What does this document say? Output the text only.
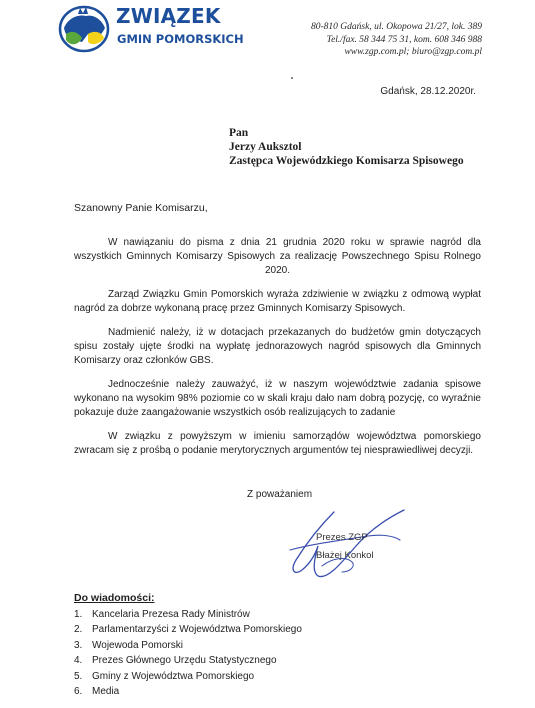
ZWIĄZEK
GMIN POMORSKICH
80-810 Gdańsk, ul. Okopowa 21/27, lok. 389
Tel./fax. 58 344 75 31, kom. 608 346 988
www.zgp.com.pl; biuro@zgp.com.pl
Gdańsk, 28.12.2020r.
Pan
Jerzy Auksztol
Zastępca Wojewódzkiego Komisarza Spisowego
Szanowny Panie Komisarzu,

W nawiązaniu do pisma z dnia 21 grudnia 2020 roku w sprawie nagród dla wszystkich Gminnych Komisarzy Spisowych za realizację Powszechnego Spisu Rolnego 2020.

Zarząd Związku Gmin Pomorskich wyraża zdziwienie w związku z odmową wypłat nagród za dobrze wykonaną pracę przez Gminnych Komisarzy Spisowych.

Nadmienić należy, iż w dotacjach przekazanych do budżetów gmin dotyczących spisu zostały ujęte środki na wypłatę jednorazowych nagród spisowych dla Gminnych Komisarzy oraz członków GBS.

Jednocześnie należy zauważyć, iż w naszym województwie zadania spisowe wykonano na wysokim 98% poziomie co w skali kraju dało nam dobrą pozycję, co wyraźnie pokazuje duże zaangażowanie wszystkich osób realizujących to zadanie

W związku z powyższym w imieniu samorządów województwa pomorskiego zwracam się z prośbą o podanie merytorycznych argumentów tej niesprawiedliwej decyzji.

Z poważaniem
Prezes ZGP
Błażej Konkol
Do wiadomości:
1. Kancelaria Prezesa Rady Ministrów
2. Parlamentarzyści z Województwa Pomorskiego
3. Wojewoda Pomorski
4. Prezes Głównego Urzędu Statystycznego
5. Gminy z Województwa Pomorskiego
6. Media
